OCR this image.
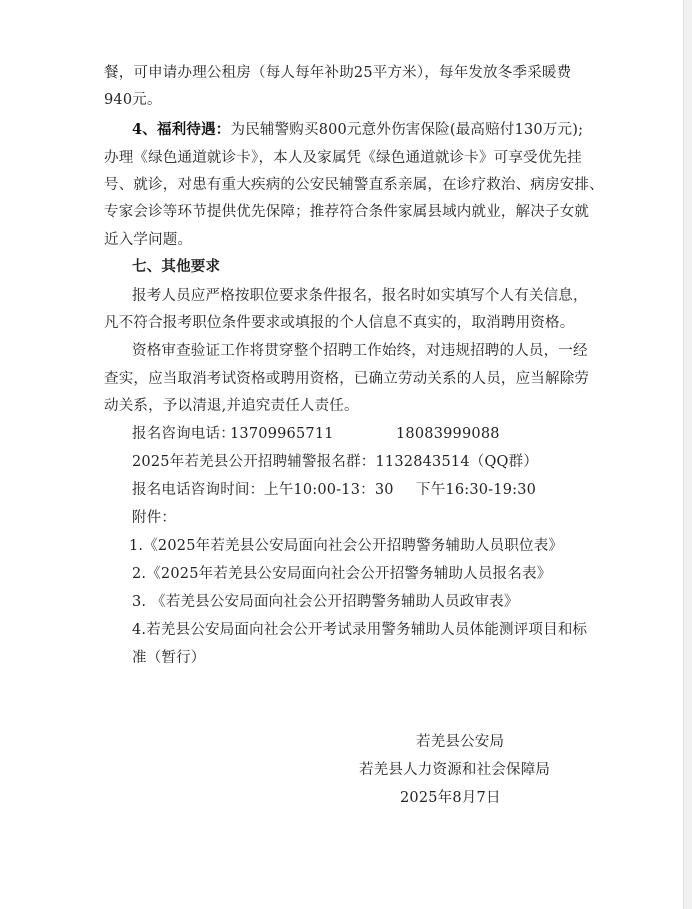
餐，可申请办理公租房（每人每年补助25平方米），每年发放冬季采暖费
940元。
4、福利待遇：为民辅警购买800元意外伤害保险(最高赔付130万元);
办理《绿色通道就诊卡》，本人及家属凭《绿色通道就诊卡》可享受优先挂
号、就诊，对患有重大疾病的公安民辅警直系亲属，在诊疗救治、病房安排、
专家会诊等环节提供优先保障；推荐符合条件家属县域内就业，解决子女就
近入学问题。
七、其他要求
报考人员应严格按职位要求条件报名，报名时如实填写个人有关信息，
凡不符合报考职位条件要求或填报的个人信息不真实的，取消聘用资格。
资格审查验证工作将贯穿整个招聘工作始终，对违规招聘的人员，一经
查实，应当取消考试资格或聘用资格，已确立劳动关系的人员，应当解除劳
动关系，予以清退,并追究责任人责任。
报名咨询电话：
13709965711	18083999088
2025年若羌县公开招聘辅警报名群：1132843514（QQ群）
报名电话咨询时间： 上午10:00-13：30 下午16:30-19:30
附件：
1.《2025年若羌县公安局面向社会公开招聘警务辅助人员职位表》
2.《2025年若羌县公安局面向社会公开招警务辅助人员报名表》
3. 《若羌县公安局面向社会公开招聘警务辅助人员政审表》
4.若羌县公安局面向社会公开考试录用警务辅助人员体能测评项目和标
准（暂行）
若羌县公安局
若羌县人力资源和社会保障局
2025年8月7日
